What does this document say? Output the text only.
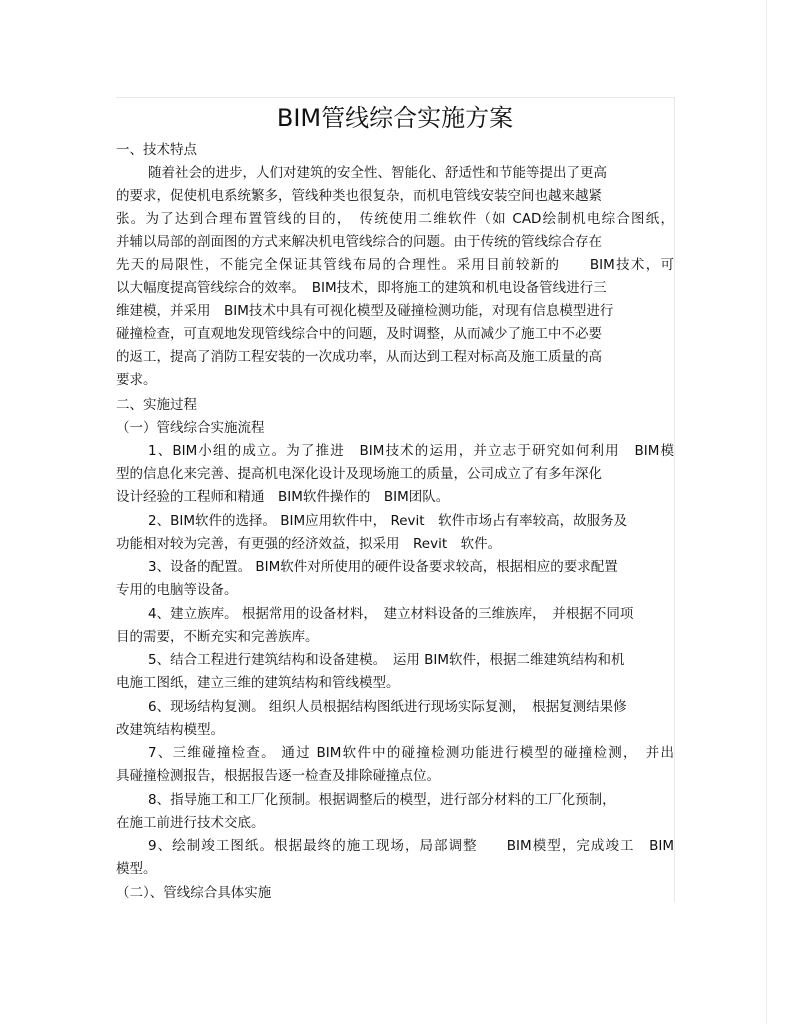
BIM管线综合实施方案
一、技术特点
随着社会的进步，人们对建筑的安全性、智能化、舒适性和节能等提出了更高
的要求，促使机电系统繁多，管线种类也很复杂，而机电管线安装空间也越来越紧
张。为了达到合理布置管线的目的，　传统使用二维软件（如 CAD绘制机电综合图纸，
并辅以局部的剖面图的方式来解决机电管线综合的问题。由于传统的管线综合存在
先天的局限性，不能完全保证其管线布局的合理性。采用目前较新的　　BIM技术，可
以大幅度提高管线综合的效率。　BIM技术，即将施工的建筑和机电设备管线进行三
维建模，并采用　BIM技术中具有可视化模型及碰撞检测功能，对现有信息模型进行
碰撞检查，可直观地发现管线综合中的问题，及时调整，从而减少了施工中不必要
的返工，提高了消防工程安装的一次成功率，从而达到工程对标高及施工质量的高
要求。
二、实施过程
（一）管线综合实施流程
1、BIM小组的成立。为了推进　BIM技术的运用，并立志于研究如何利用　BIM模
型的信息化来完善、提高机电深化设计及现场施工的质量，公司成立了有多年深化
设计经验的工程师和精通　BIM软件操作的　BIM团队。
2、BIM软件的选择。 BIM应用软件中， Revit　软件市场占有率较高，故服务及
功能相对较为完善，有更强的经济效益，拟采用　Revit　软件。
3、设备的配置。 BIM软件对所使用的硬件设备要求较高，根据相应的要求配置
专用的电脑等设备。
4、建立族库。 根据常用的设备材料，　建立材料设备的三维族库，　并根据不同项
目的需要，不断充实和完善族库。
5、结合工程进行建筑结构和设备建模。　运用 BIM软件，根据二维建筑结构和机
电施工图纸，建立三维的建筑结构和管线模型。
6、现场结构复测。 组织人员根据结构图纸进行现场实际复测，　根据复测结果修
改建筑结构模型。
7、三维碰撞检查。 通过 BIM软件中的碰撞检测功能进行模型的碰撞检测，　并出
具碰撞检测报告，根据报告逐一检查及排除碰撞点位。
8、指导施工和工厂化预制。根据调整后的模型，进行部分材料的工厂化预制，
在施工前进行技术交底。
9、绘制竣工图纸。根据最终的施工现场，局部调整　　BIM模型，完成竣工　BIM
模型。
（二）、管线综合具体实施
